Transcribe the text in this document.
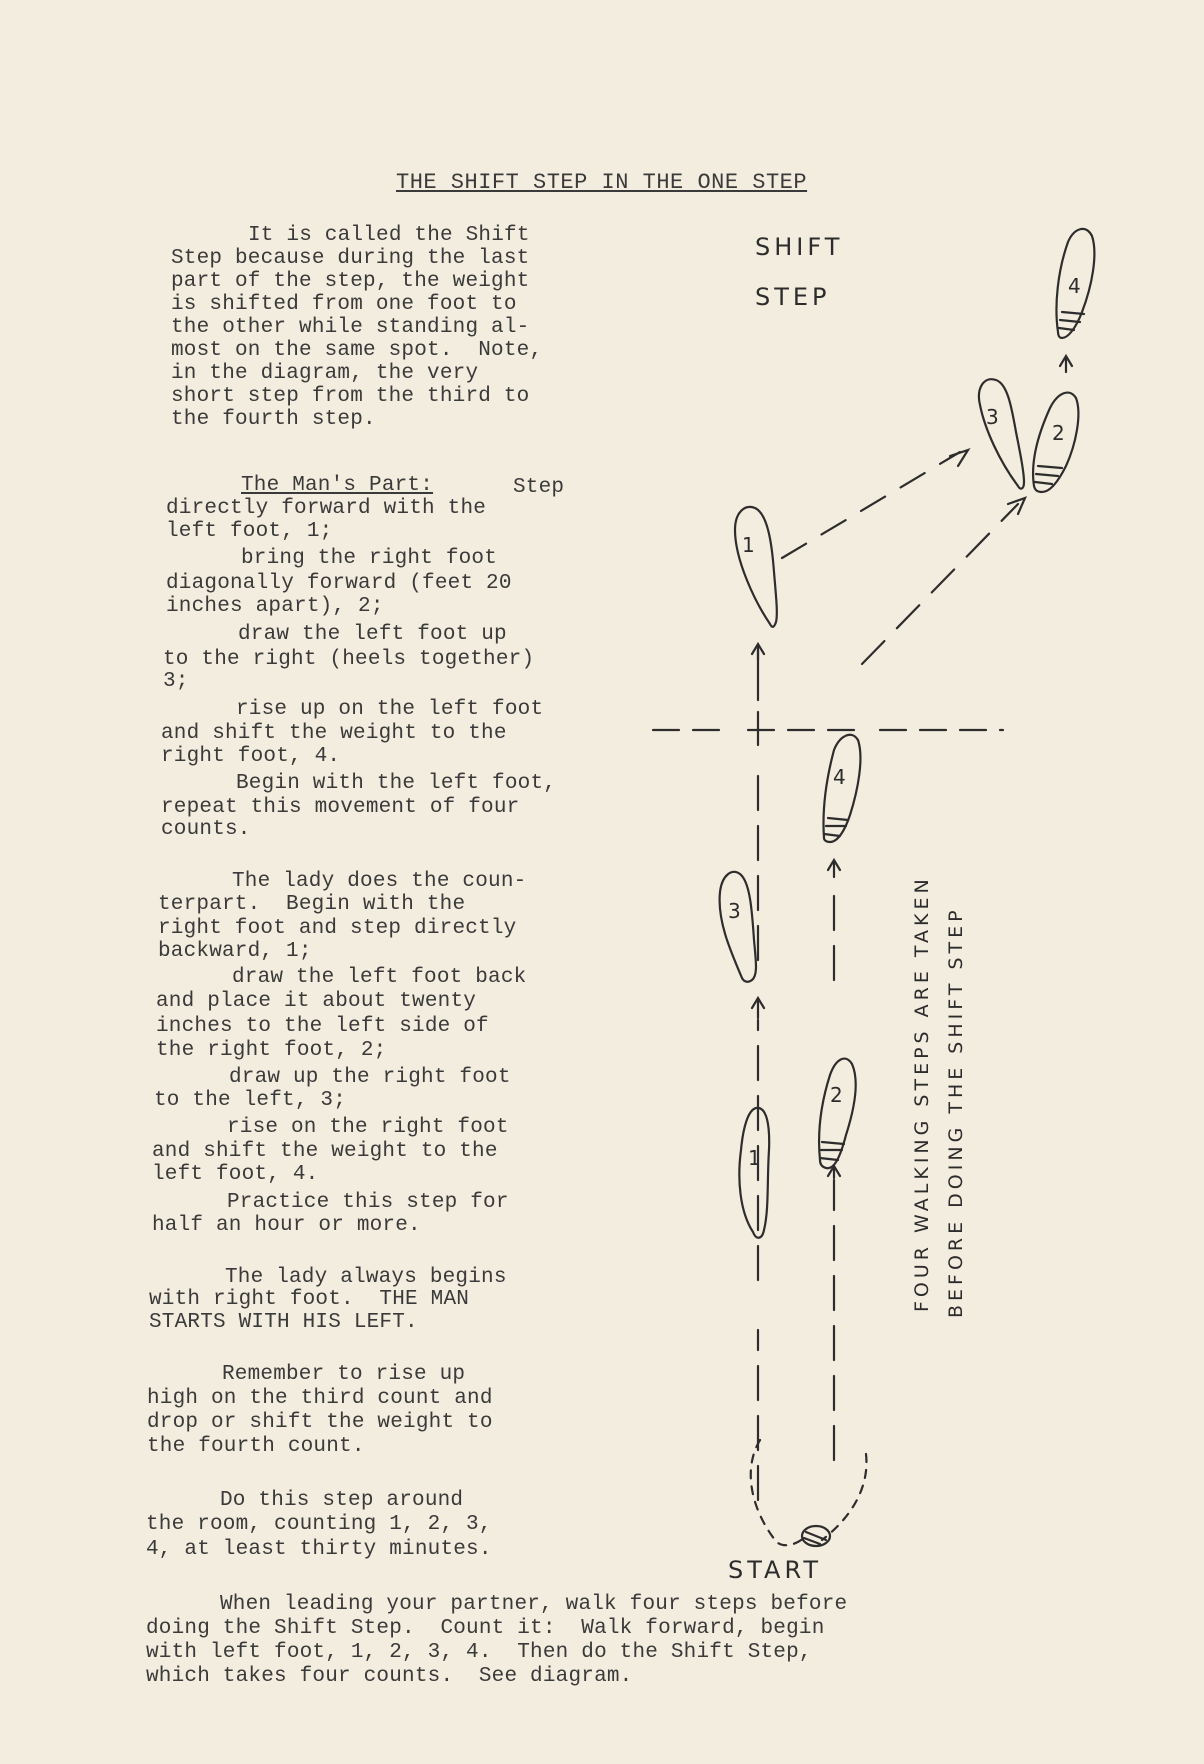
THE SHIFT STEP IN THE ONE STEP
It is called the Shift
Step because during the last
part of the step, the weight
is shifted from one foot to
the other while standing al-
most on the same spot.  Note,
in the diagram, the very
short step from the third to
the fourth step.
The Man's Part:	Step
directly forward with the
left foot, 1;
bring the right foot
diagonally forward (feet 20
inches apart), 2;
draw the left foot up
to the right (heels together)
3;
rise up on the left foot
and shift the weight to the
right foot, 4.
Begin with the left foot,
repeat this movement of four
counts.
The lady does the coun-
terpart.  Begin with the
right foot and step directly
backward, 1;
draw the left foot back
and place it about twenty
inches to the left side of
the right foot, 2;
draw up the right foot
to the left, 3;
rise on the right foot
and shift the weight to the
left foot, 4.
Practice this step for
half an hour or more.
The lady always begins
with right foot.  THE MAN
STARTS WITH HIS LEFT.
Remember to rise up
high on the third count and
drop or shift the weight to
the fourth count.
Do this step around
the room, counting 1, 2, 3,
4, at least thirty minutes.
When leading your partner, walk four steps before
doing the Shift Step.  Count it:  Walk forward, begin
with left foot, 1, 2, 3, 4.  Then do the Shift Step,
which takes four counts.  See diagram.
SHIFT
STEP
START
FOUR WALKING STEPS ARE TAKEN BEFORE DOING THE SHIFT STEP
1
2
3
4
1
2
3
4
